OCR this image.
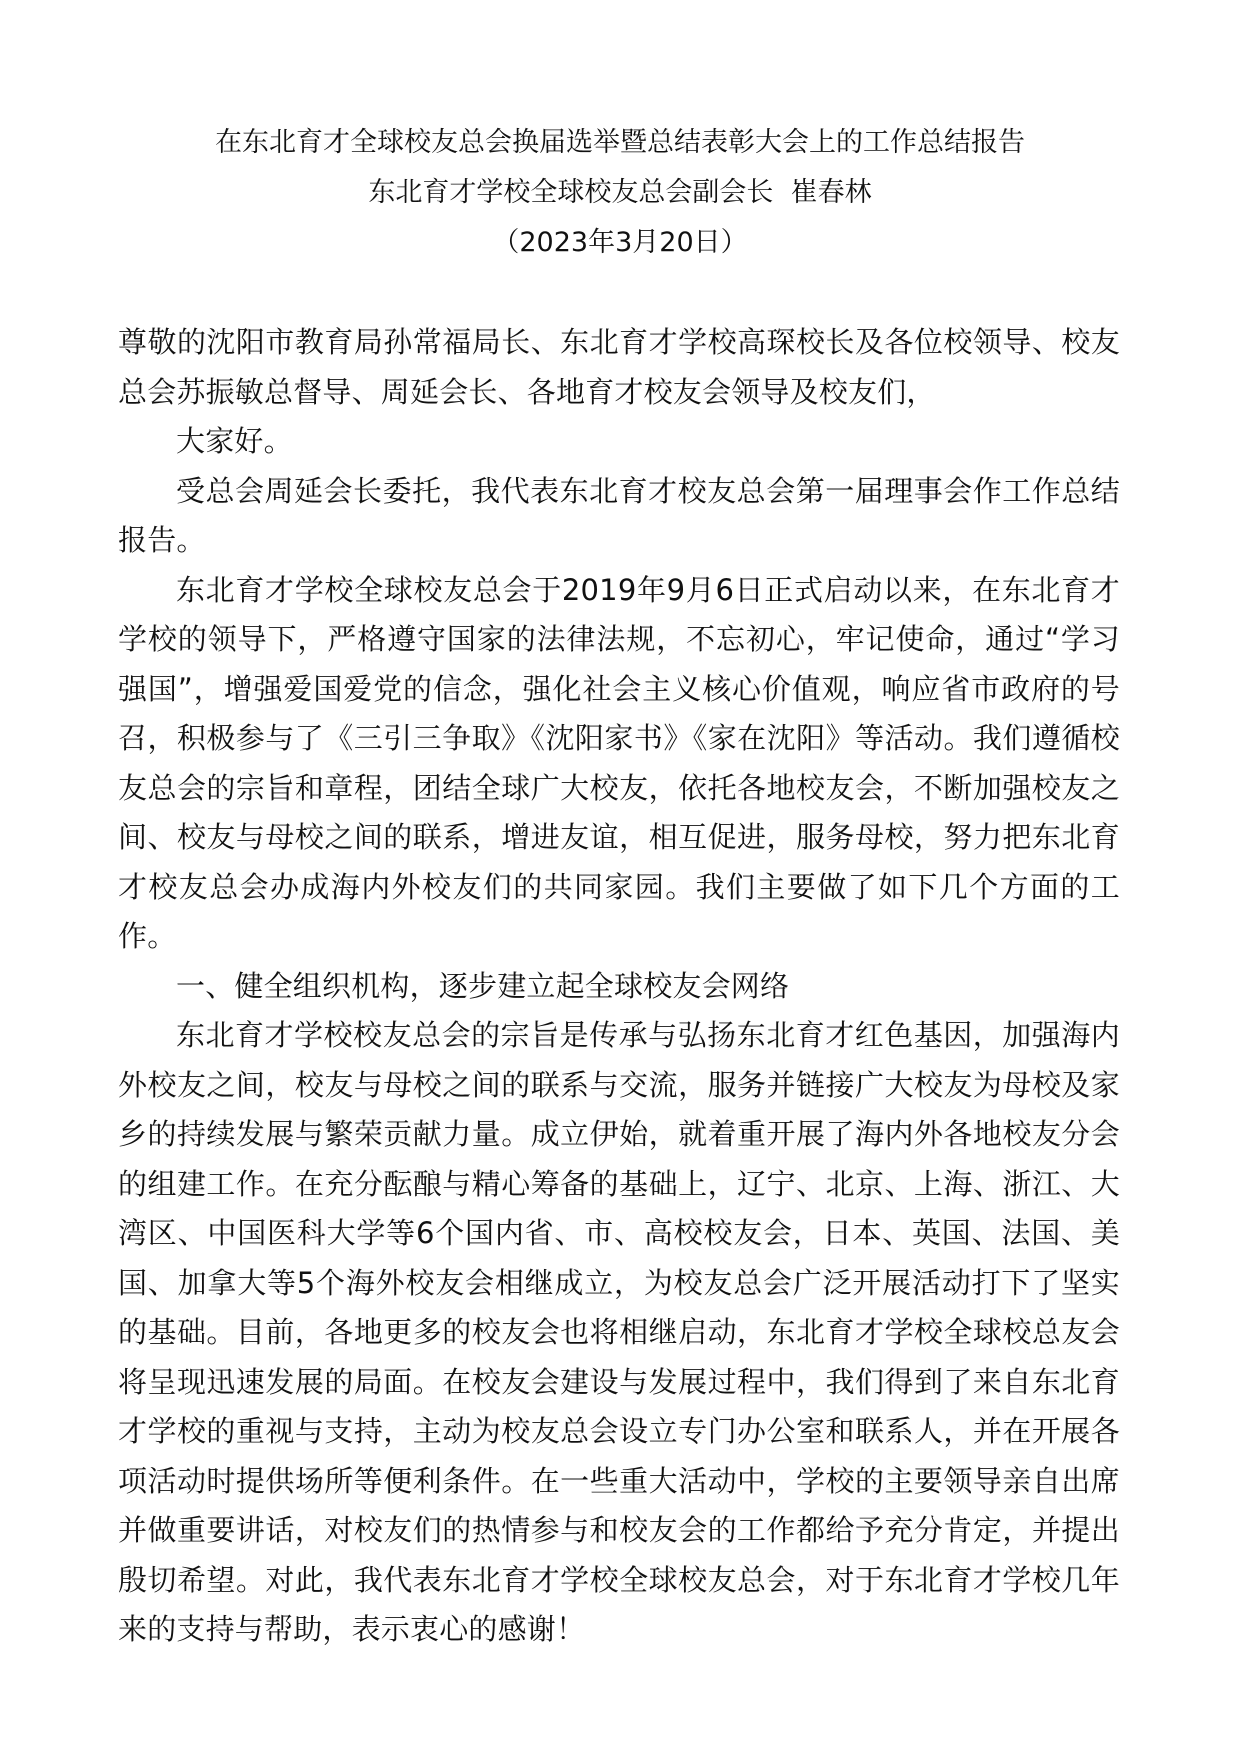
在东北育才全球校友总会换届选举暨总结表彰大会上的工作总结报告
东北育才学校全球校友总会副会长  崔春林
（2023年3月20日）

尊敬的沈阳市教育局孙常福局长、东北育才学校高琛校长及各位校领导、校友总会苏振敏总督导、周延会长、各地育才校友会领导及校友们，

大家好。

受总会周延会长委托，我代表东北育才校友总会第一届理事会作工作总结报告。

东北育才学校全球校友总会于2019年9月6日正式启动以来，在东北育才学校的领导下，严格遵守国家的法律法规，不忘初心，牢记使命，通过“学习强国”，增强爱国爱党的信念，强化社会主义核心价值观，响应省市政府的号召，积极参与了《三引三争取》《沈阳家书》《家在沈阳》等活动。我们遵循校友总会的宗旨和章程，团结全球广大校友，依托各地校友会，不断加强校友之间、校友与母校之间的联系，增进友谊，相互促进，服务母校，努力把东北育才校友总会办成海内外校友们的共同家园。我们主要做了如下几个方面的工作。

一、健全组织机构，逐步建立起全球校友会网络

东北育才学校校友总会的宗旨是传承与弘扬东北育才红色基因，加强海内外校友之间，校友与母校之间的联系与交流，服务并链接广大校友为母校及家乡的持续发展与繁荣贡献力量。成立伊始，就着重开展了海内外各地校友分会的组建工作。在充分酝酿与精心筹备的基础上，辽宁、北京、上海、浙江、大湾区、中国医科大学等6个国内省、市、高校校友会，日本、英国、法国、美国、加拿大等5个海外校友会相继成立，为校友总会广泛开展活动打下了坚实的基础。目前，各地更多的校友会也将相继启动，东北育才学校全球校总友会将呈现迅速发展的局面。在校友会建设与发展过程中，我们得到了来自东北育才学校的重视与支持，主动为校友总会设立专门办公室和联系人，并在开展各项活动时提供场所等便利条件。在一些重大活动中，学校的主要领导亲自出席并做重要讲话，对校友们的热情参与和校友会的工作都给予充分肯定，并提出殷切希望。对此，我代表东北育才学校全球校友总会，对于东北育才学校几年来的支持与帮助，表示衷心的感谢！
